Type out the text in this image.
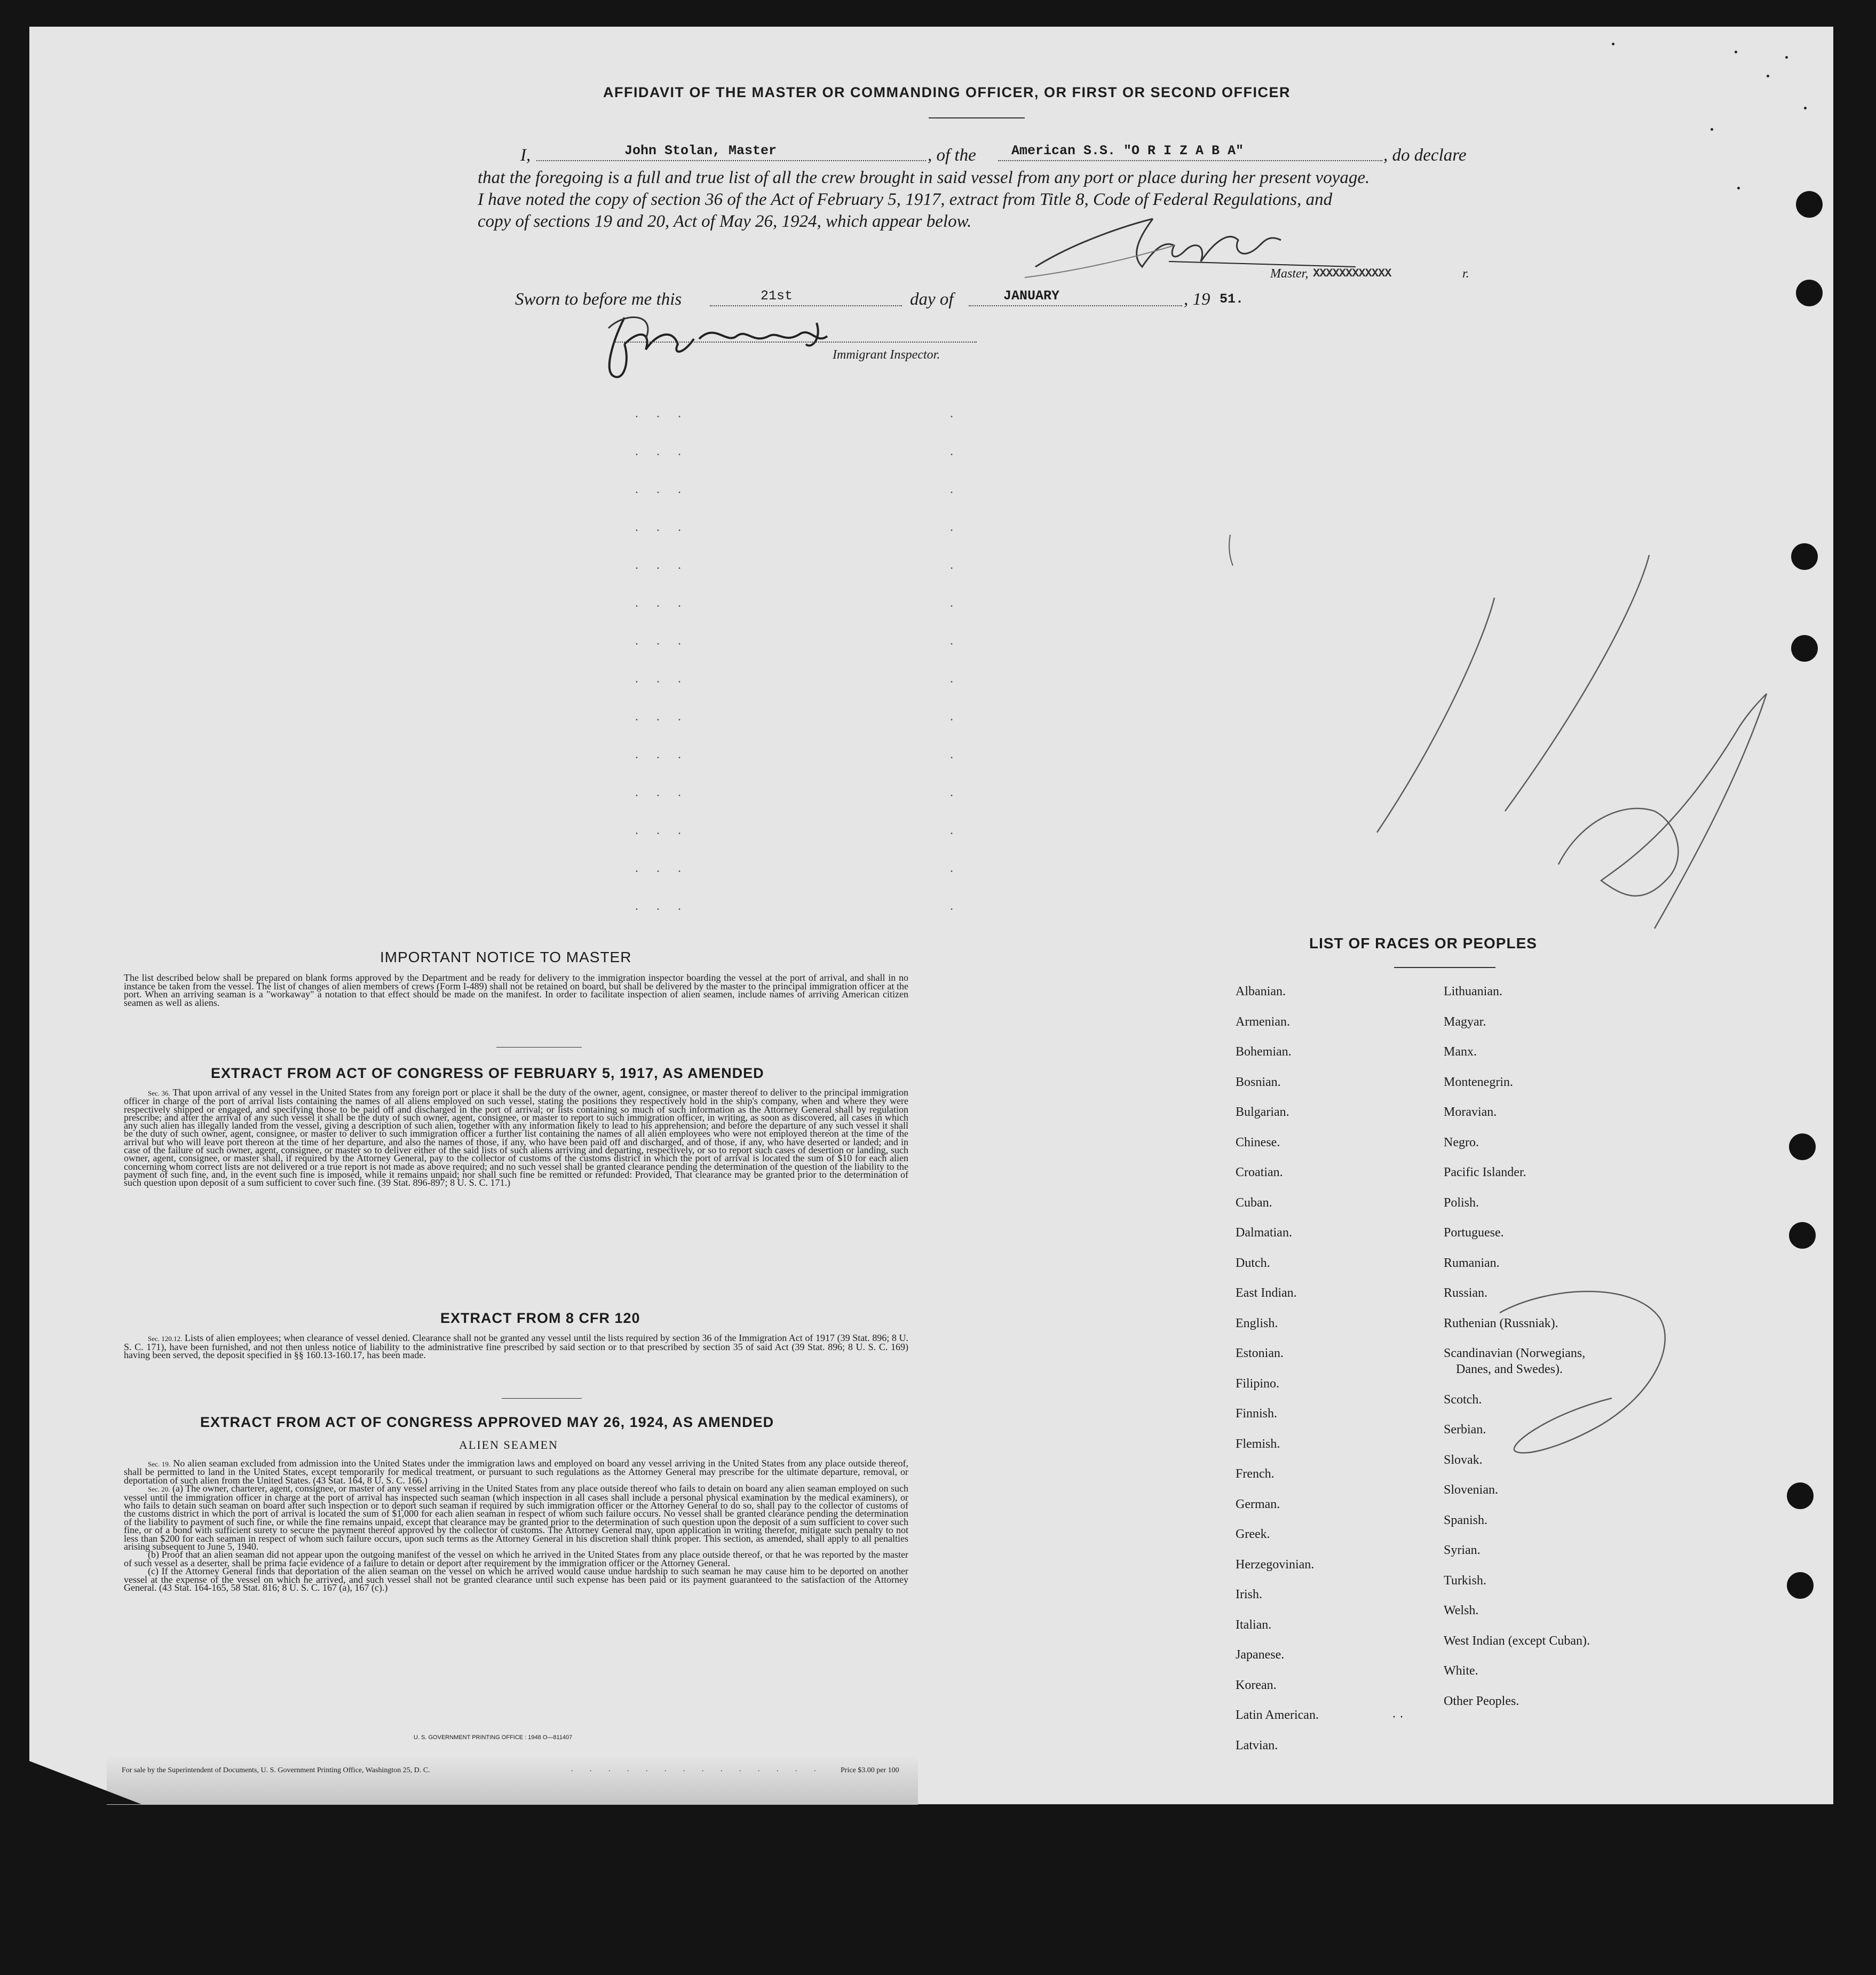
AFFIDAVIT OF THE MASTER OR COMMANDING OFFICER, OR FIRST OR SECOND OFFICER
I,	John Stolan, Master	, of the	American S.S. "O R I Z A B A"	, do declare
that the foregoing is a full and true list of all the crew brought in said vessel from any port or place during her present voyage.
I have noted the copy of section 36 of the Act of February 5, 1917, extract from Title 8, Code of Federal Regulations, and
copy of sections 19 and 20, Act of May 26, 1924, which appear below.
Master, XXXXXXXXXXXX	r.
Sworn to before me this	21st	day of	JANUARY	, 19 51.
Immigrant Inspector.
. . .
. . .
. . .
. . .
. . .
. . .
. . .
. . .
. . .
. . .
. . .
. . .
. . .
. . .
.
.
.
.
.
.
.
.
.
.
.
.
.
.
IMPORTANT NOTICE TO MASTER
The list described below shall be prepared on blank forms approved by the Department and be ready for delivery to the immigration inspector boarding the vessel at the port of arrival, and shall in no instance be taken from the vessel. The list of changes of alien members of crews (Form I-489) shall not be retained on board, but shall be delivered by the master to the principal immigration officer at the port. When an arriving seaman is a "workaway" a notation to that effect should be made on the manifest. In order to facilitate inspection of alien seamen, include names of arriving American citizen seamen as well as aliens.
EXTRACT FROM ACT OF CONGRESS OF FEBRUARY 5, 1917, AS AMENDED
Sec. 36. That upon arrival of any vessel in the United States from any foreign port or place it shall be the duty of the owner, agent, consignee, or master thereof to deliver to the principal immigration officer in charge of the port of arrival lists containing the names of all aliens employed on such vessel, stating the positions they respectively hold in the ship's company, when and where they were respectively shipped or engaged, and specifying those to be paid off and discharged in the port of arrival; or lists containing so much of such information as the Attorney General shall by regulation prescribe; and after the arrival of any such vessel it shall be the duty of such owner, agent, consignee, or master to report to such immigration officer, in writing, as soon as discovered, all cases in which any such alien has illegally landed from the vessel, giving a description of such alien, together with any information likely to lead to his apprehension; and before the departure of any such vessel it shall be the duty of such owner, agent, consignee, or master to deliver to such immigration officer a further list containing the names of all alien employees who were not employed thereon at the time of the arrival but who will leave port thereon at the time of her departure, and also the names of those, if any, who have been paid off and discharged, and of those, if any, who have deserted or landed; and in case of the failure of such owner, agent, consignee, or master so to deliver either of the said lists of such aliens arriving and departing, respectively, or so to report such cases of desertion or landing, such owner, agent, consignee, or master shall, if required by the Attorney General, pay to the collector of customs of the customs district in which the port of arrival is located the sum of $10 for each alien concerning whom correct lists are not delivered or a true report is not made as above required; and no such vessel shall be granted clearance pending the determination of the question of the liability to the payment of such fine, and, in the event such fine is imposed, while it remains unpaid; nor shall such fine be remitted or refunded: Provided, That clearance may be granted prior to the determination of such question upon deposit of a sum sufficient to cover such fine. (39 Stat. 896-897; 8 U. S. C. 171.)
EXTRACT FROM 8 CFR 120
Sec. 120.12. Lists of alien employees; when clearance of vessel denied. Clearance shall not be granted any vessel until the lists required by section 36 of the Immigration Act of 1917 (39 Stat. 896; 8 U. S. C. 171), have been furnished, and not then unless notice of liability to the administrative fine prescribed by said section or to that prescribed by section 35 of said Act (39 Stat. 896; 8 U. S. C. 169) having been served, the deposit specified in §§ 160.13-160.17, has been made.
EXTRACT FROM ACT OF CONGRESS APPROVED MAY 26, 1924, AS AMENDED
ALIEN SEAMEN
Sec. 19. No alien seaman excluded from admission into the United States under the immigration laws and employed on board any vessel arriving in the United States from any place outside thereof, shall be permitted to land in the United States, except temporarily for medical treatment, or pursuant to such regulations as the Attorney General may prescribe for the ultimate departure, removal, or deportation of such alien from the United States. (43 Stat. 164, 8 U. S. C. 166.)
Sec. 20. (a) The owner, charterer, agent, consignee, or master of any vessel arriving in the United States from any place outside thereof who fails to detain on board any alien seaman employed on such vessel until the immigration officer in charge at the port of arrival has inspected such seaman (which inspection in all cases shall include a personal physical examination by the medical examiners), or who fails to detain such seaman on board after such inspection or to deport such seaman if required by such immigration officer or the Attorney General to do so, shall pay to the collector of customs of the customs district in which the port of arrival is located the sum of $1,000 for each alien seaman in respect of whom such failure occurs. No vessel shall be granted clearance pending the determination of the liability to payment of such fine, or while the fine remains unpaid, except that clearance may be granted prior to the determination of such question upon the deposit of a sum sufficient to cover such fine, or of a bond with sufficient surety to secure the payment thereof approved by the collector of customs. The Attorney General may, upon application in writing therefor, mitigate such penalty to not less than $200 for each seaman in respect of whom such failure occurs, upon such terms as the Attorney General in his discretion shall think proper. This section, as amended, shall apply to all penalties arising subsequent to June 5, 1940.
(b) Proof that an alien seaman did not appear upon the outgoing manifest of the vessel on which he arrived in the United States from any place outside thereof, or that he was reported by the master of such vessel as a deserter, shall be prima facie evidence of a failure to detain or deport after requirement by the immigration officer or the Attorney General.
(c) If the Attorney General finds that deportation of the alien seaman on the vessel on which he arrived would cause undue hardship to such seaman he may cause him to be deported on another vessel at the expense of the vessel on which he arrived, and such vessel shall not be granted clearance until such expense has been paid or its payment guaranteed to the satisfaction of the Attorney General. (43 Stat. 164-165, 58 Stat. 816; 8 U. S. C. 167 (a), 167 (c).)
U. S. GOVERNMENT PRINTING OFFICE : 1948 O—811407
For sale by the Superintendent of Documents, U. S. Government Printing Office, Washington 25, D. C.	. . . . . . . . . . . . . . Price $3.00 per 100
LIST OF RACES OR PEOPLES
Albanian.
Armenian.
Bohemian.
Bosnian.
Bulgarian.
Chinese.
Croatian.
Cuban.
Dalmatian.
Dutch.
East Indian.
English.
Estonian.
Filipino.
Finnish.
Flemish.
French.
German.
Greek.
Herzegovinian.
Irish.
Italian.
Japanese.
Korean.
Latin American.
Latvian.
Lithuanian.
Magyar.
Manx.
Montenegrin.
Moravian.
Negro.
Pacific Islander.
Polish.
Portuguese.
Rumanian.
Russian.
Ruthenian (Russniak).
Scandinavian (Norwegians,
Danes, and Swedes).
Scotch.
Serbian.
Slovak.
Slovenian.
Spanish.
Syrian.
Turkish.
Welsh.
West Indian (except Cuban).
White.
Other Peoples.
· ·
